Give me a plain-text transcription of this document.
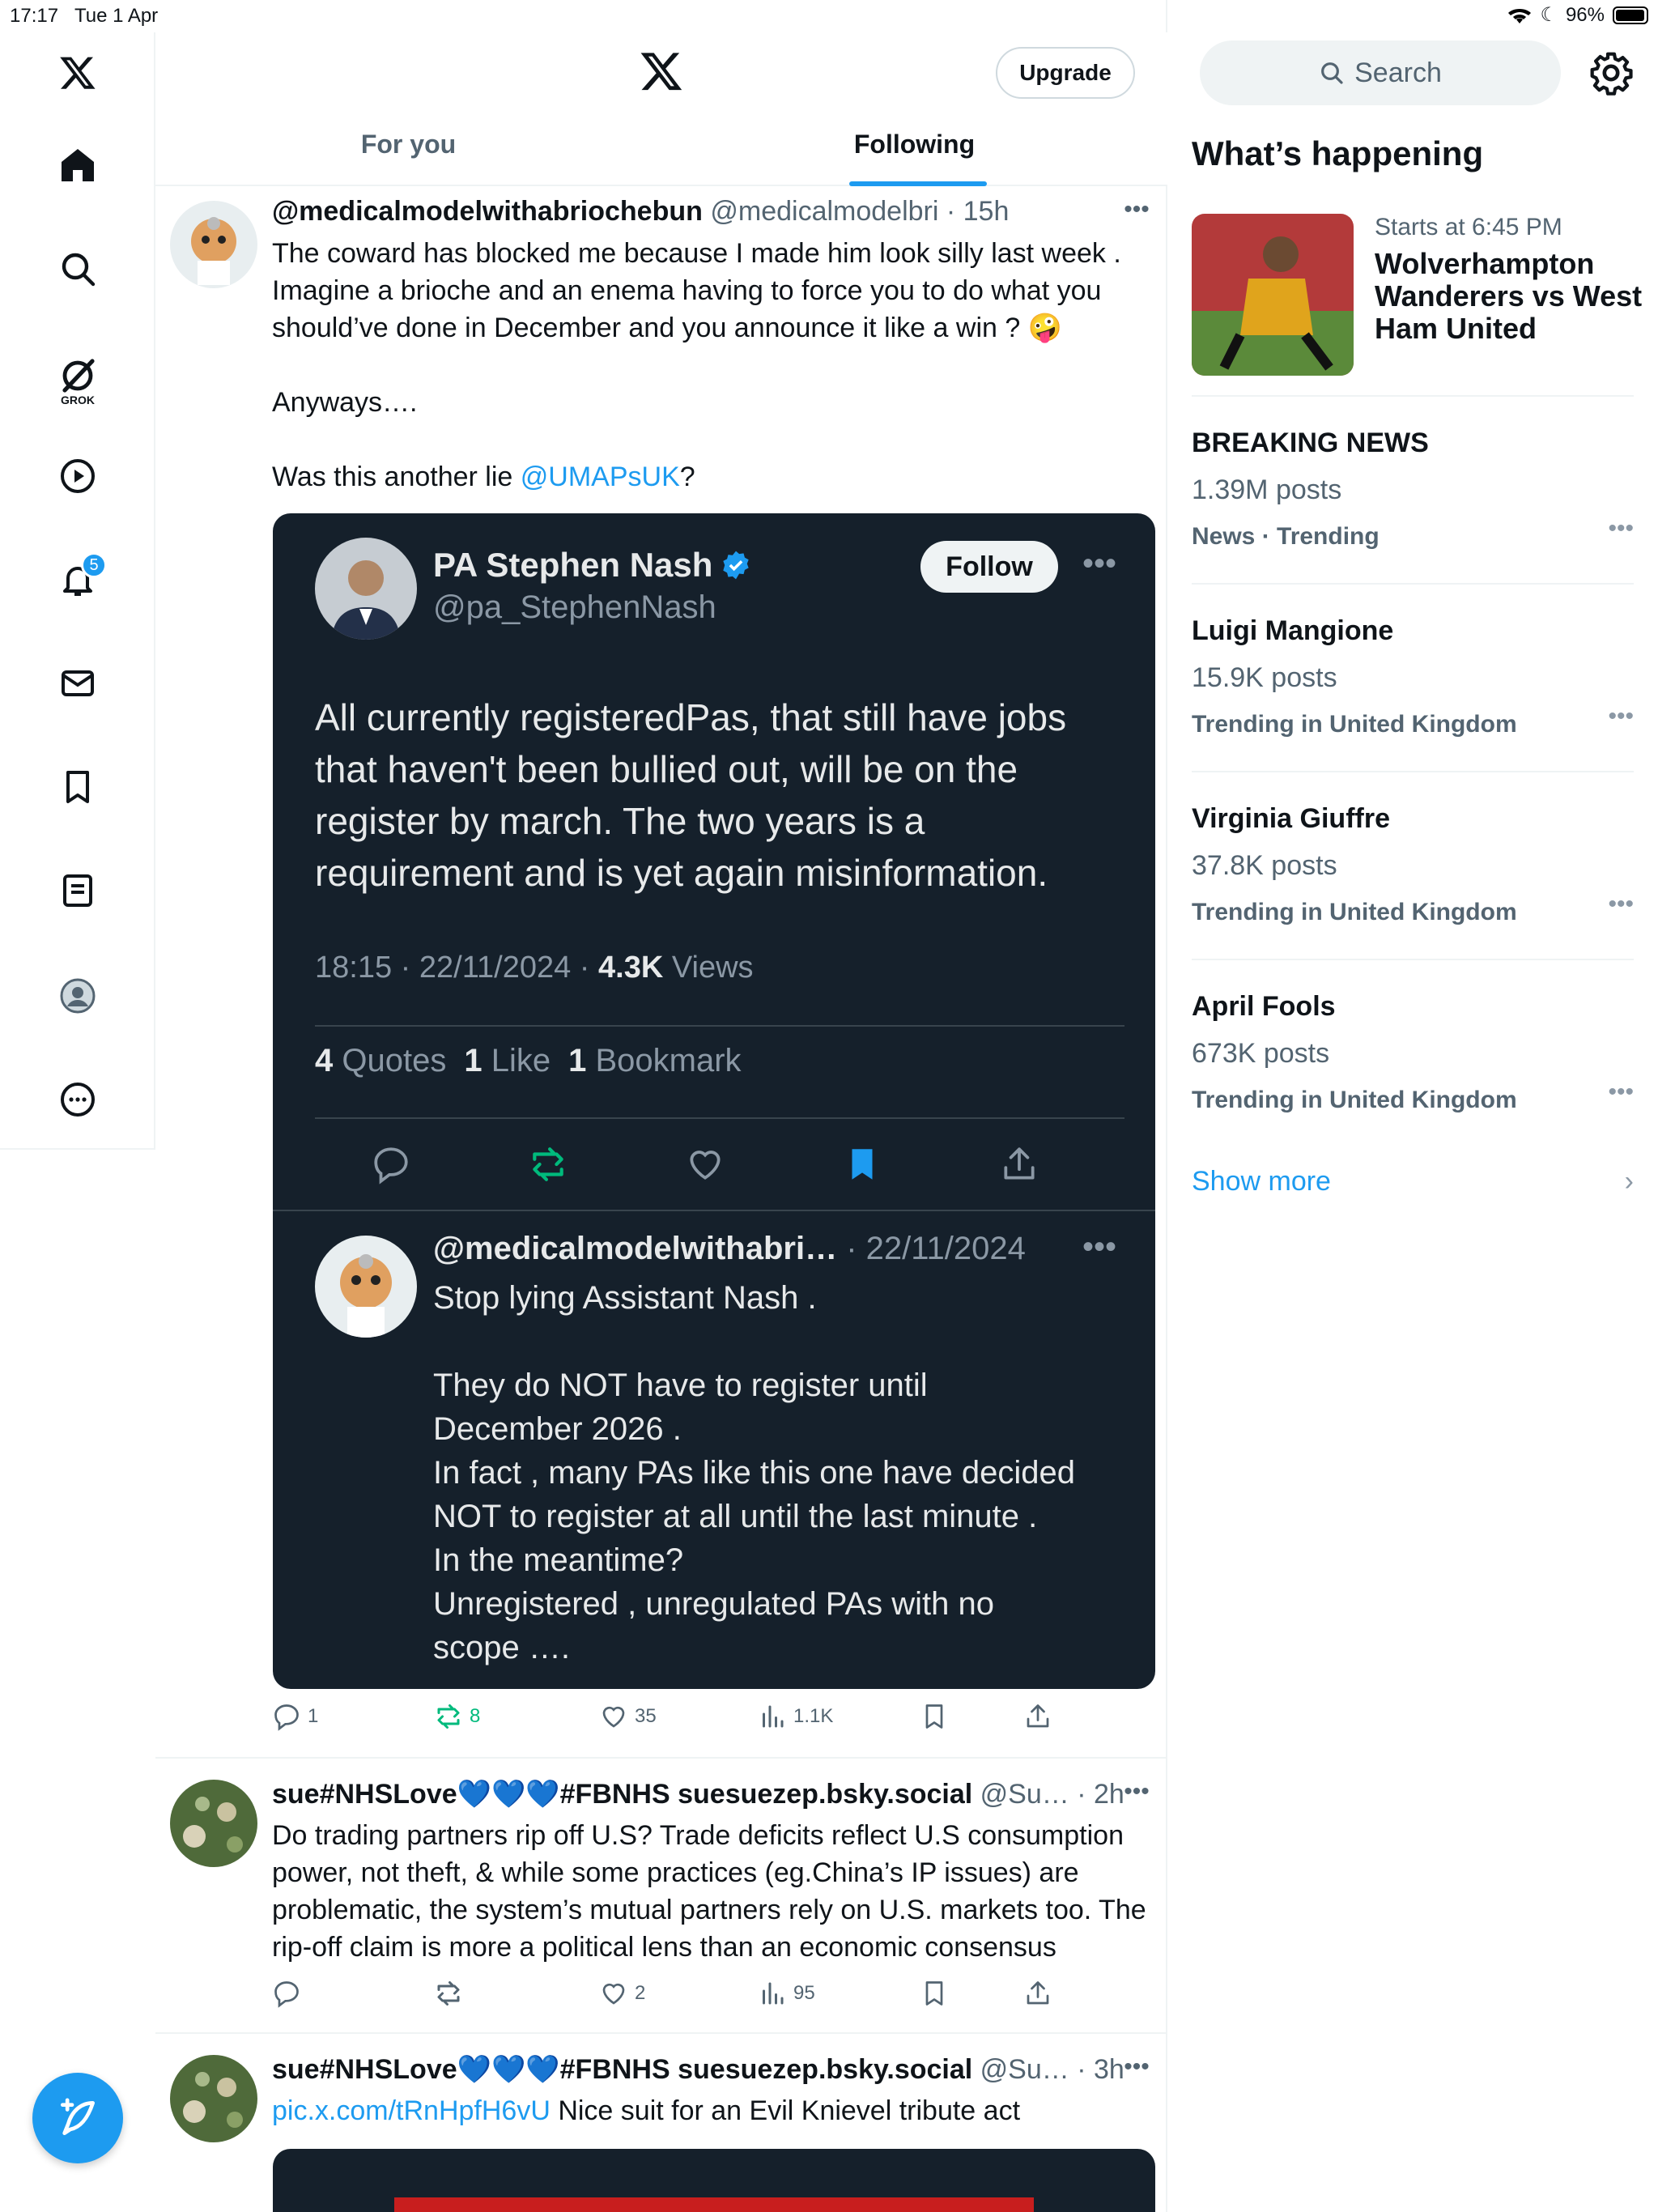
17:17 Tue 1 Apr	☾ 96%
GROK
5
Upgrade
For you	Following
@medicalmodelwithabriochebun @medicalmodelbri · 15h	•••
The coward has blocked me because I made him look silly last week .
Imagine a brioche and an enema having to force you to do what you
should’ve done in December and you announce it like a win ? 🤪

Anyways….

Was this another lie @UMAPsUK?
PA Stephen Nash
@pa_StephenNash
Follow	•••
All currently registeredPas, that still have jobs that haven't been bullied out, will be on the register by march. The two years is a requirement and is yet again misinformation.
18:15 · 22/11/2024 · 4.3K Views
4 Quotes 1 Like 1 Bookmark
@medicalmodelwithabri… · 22/11/2024 •••
Stop lying Assistant Nash .

They do NOT have to register until
December 2026 .
In fact , many PAs like this one have decided
NOT to register at all until the last minute .
In the meantime?
Unregistered , unregulated PAs with no
scope ….
1	8	35	1.1K
sue#NHSLove💙💙💙#FBNHS suesuezep.bsky.social @Su… · 2h •••
Do trading partners rip off U.S? Trade deficits reflect U.S consumption power, not theft, & while some practices (eg.China’s IP issues) are problematic, the system’s mutual partners rely on U.S. markets too. The rip-off claim is more a political lens than an economic consensus
2	95
sue#NHSLove💙💙💙#FBNHS suesuezep.bsky.social @Su… · 3h •••
pic.x.com/tRnHpfH6vU Nice suit for an Evil Knievel tribute act
Search
What’s happening
Starts at 6:45 PM
Wolverhampton Wanderers vs West Ham United
BREAKING NEWS
1.39M posts
News · Trending	•••
Luigi Mangione
15.9K posts
Trending in United Kingdom	•••
Virginia Giuffre
37.8K posts
Trending in United Kingdom	•••
April Fools
673K posts
Trending in United Kingdom	•••
Show more	›
